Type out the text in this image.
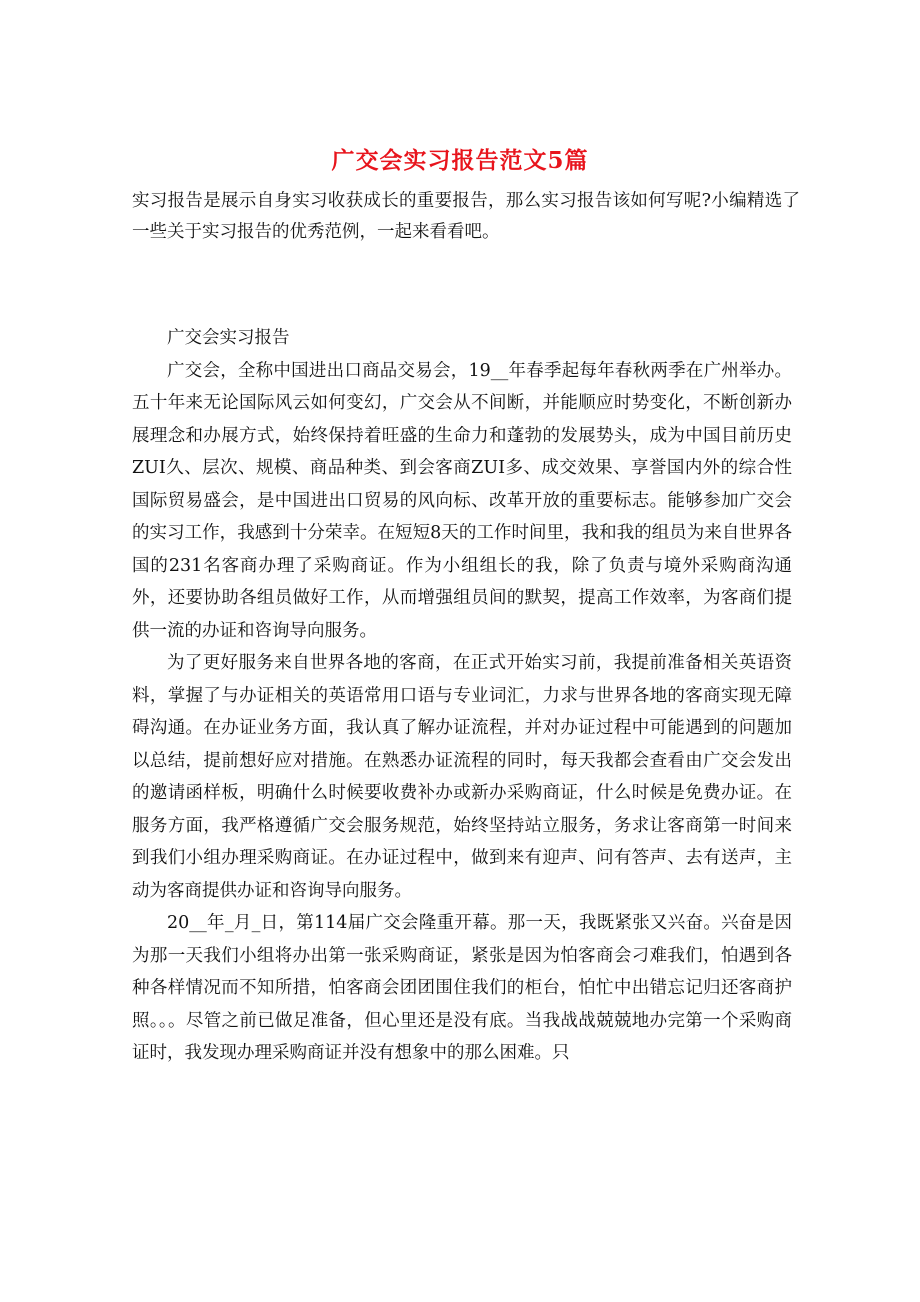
广交会实习报告范文5篇

实习报告是展示自身实习收获成长的重要报告，那么实习报告该如何写呢?小编精选了一些关于实习报告的优秀范例，一起来看看吧。

广交会实习报告

广交会，全称中国进出口商品交易会，19__年春季起每年春秋两季在广州举办。五十年来无论国际风云如何变幻，广交会从不间断，并能顺应时势变化，不断创新办展理念和办展方式，始终保持着旺盛的生命力和蓬勃的发展势头，成为中国目前历史ZUI久、层次、规模、商品种类、到会客商ZUI多、成交效果、享誉国内外的综合性国际贸易盛会，是中国进出口贸易的风向标、改革开放的重要标志。能够参加广交会的实习工作，我感到十分荣幸。在短短8天的工作时间里，我和我的组员为来自世界各国的231名客商办理了采购商证。作为小组组长的我，除了负责与境外采购商沟通外，还要协助各组员做好工作，从而增强组员间的默契，提高工作效率，为客商们提供一流的办证和咨询导向服务。

为了更好服务来自世界各地的客商，在正式开始实习前，我提前准备相关英语资料，掌握了与办证相关的英语常用口语与专业词汇，力求与世界各地的客商实现无障碍沟通。在办证业务方面，我认真了解办证流程，并对办证过程中可能遇到的问题加以总结，提前想好应对措施。在熟悉办证流程的同时，每天我都会查看由广交会发出的邀请函样板，明确什么时候要收费补办或新办采购商证，什么时候是免费办证。在服务方面，我严格遵循广交会服务规范，始终坚持站立服务，务求让客商第一时间来到我们小组办理采购商证。在办证过程中，做到来有迎声、问有答声、去有送声，主动为客商提供办证和咨询导向服务。

20__年_月_日，第114届广交会隆重开幕。那一天，我既紧张又兴奋。兴奋是因为那一天我们小组将办出第一张采购商证，紧张是因为怕客商会刁难我们，怕遇到各种各样情况而不知所措，怕客商会团团围住我们的柜台，怕忙中出错忘记归还客商护照。。。尽管之前已做足准备，但心里还是没有底。当我战战兢兢地办完第一个采购商证时，我发现办理采购商证并没有想象中的那么困难。只
